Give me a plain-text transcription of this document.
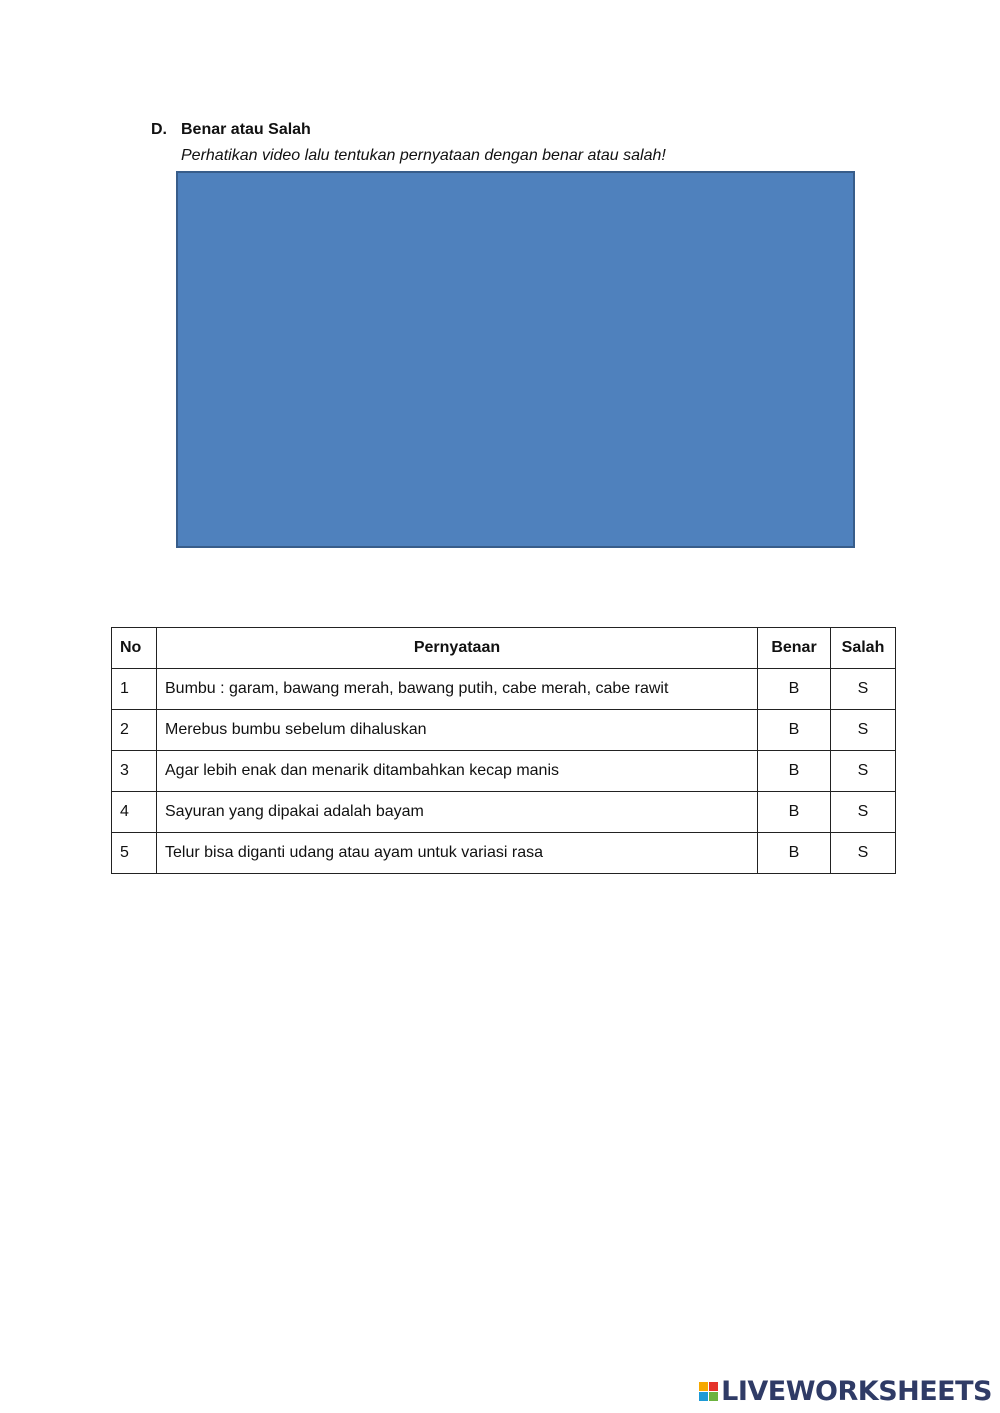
D. Benar atau Salah
Perhatikan video lalu tentukan pernyataan dengan benar atau salah!
No	Pernyataan	Benar	Salah
1	Bumbu : garam, bawang merah, bawang putih, cabe merah, cabe rawit	B	S
2	Merebus bumbu sebelum dihaluskan	B	S
3	Agar lebih enak dan menarik ditambahkan kecap manis	B	S
4	Sayuran yang dipakai adalah bayam	B	S
5	Telur bisa diganti udang atau ayam untuk variasi rasa	B	S
LIVEWORKSHEETS
